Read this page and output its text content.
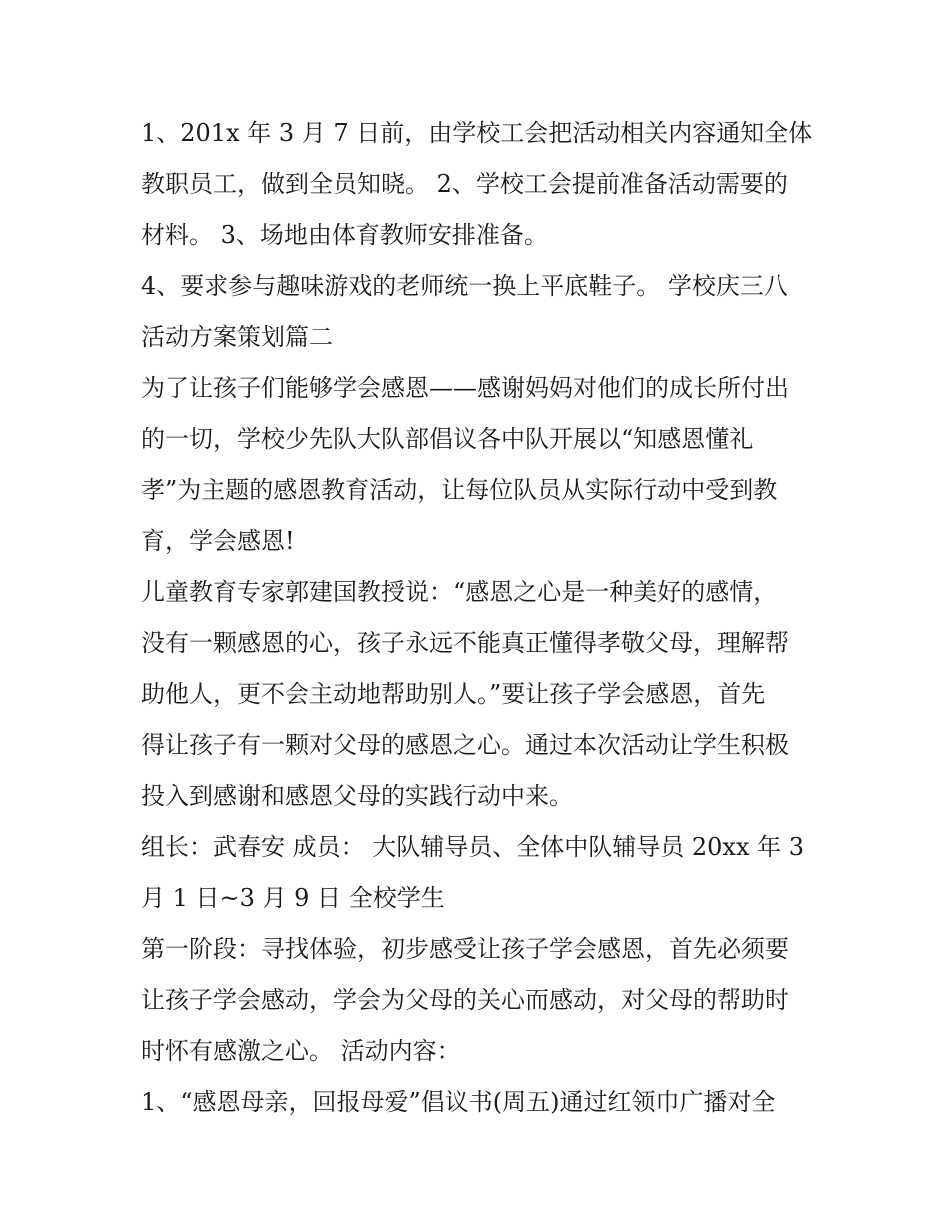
1、201x 年 3 月 7 日前，由学校工会把活动相关内容通知全体
教职员工，做到全员知晓。 2、学校工会提前准备活动需要的
材料。 3、场地由体育教师安排准备。
4、要求参与趣味游戏的老师统一换上平底鞋子。 学校庆三八
活动方案策划篇二
为了让孩子们能够学会感恩——感谢妈妈对他们的成长所付出
的一切，学校少先队大队部倡议各中队开展以“知感恩懂礼
孝”为主题的感恩教育活动，让每位队员从实际行动中受到教
育，学会感恩!
儿童教育专家郭建国教授说：“感恩之心是一种美好的感情，
没有一颗感恩的心，孩子永远不能真正懂得孝敬父母，理解帮
助他人，更不会主动地帮助别人。”要让孩子学会感恩，首先
得让孩子有一颗对父母的感恩之心。通过本次活动让学生积极
投入到感谢和感恩父母的实践行动中来。
组长：武春安 成员： 大队辅导员、全体中队辅导员 20xx 年 3
月 1 日~3 月 9 日 全校学生
第一阶段：寻找体验，初步感受让孩子学会感恩，首先必须要
让孩子学会感动，学会为父母的关心而感动，对父母的帮助时
时怀有感激之心。 活动内容：
1、“感恩母亲，回报母爱”倡议书(周五)通过红领巾广播对全
